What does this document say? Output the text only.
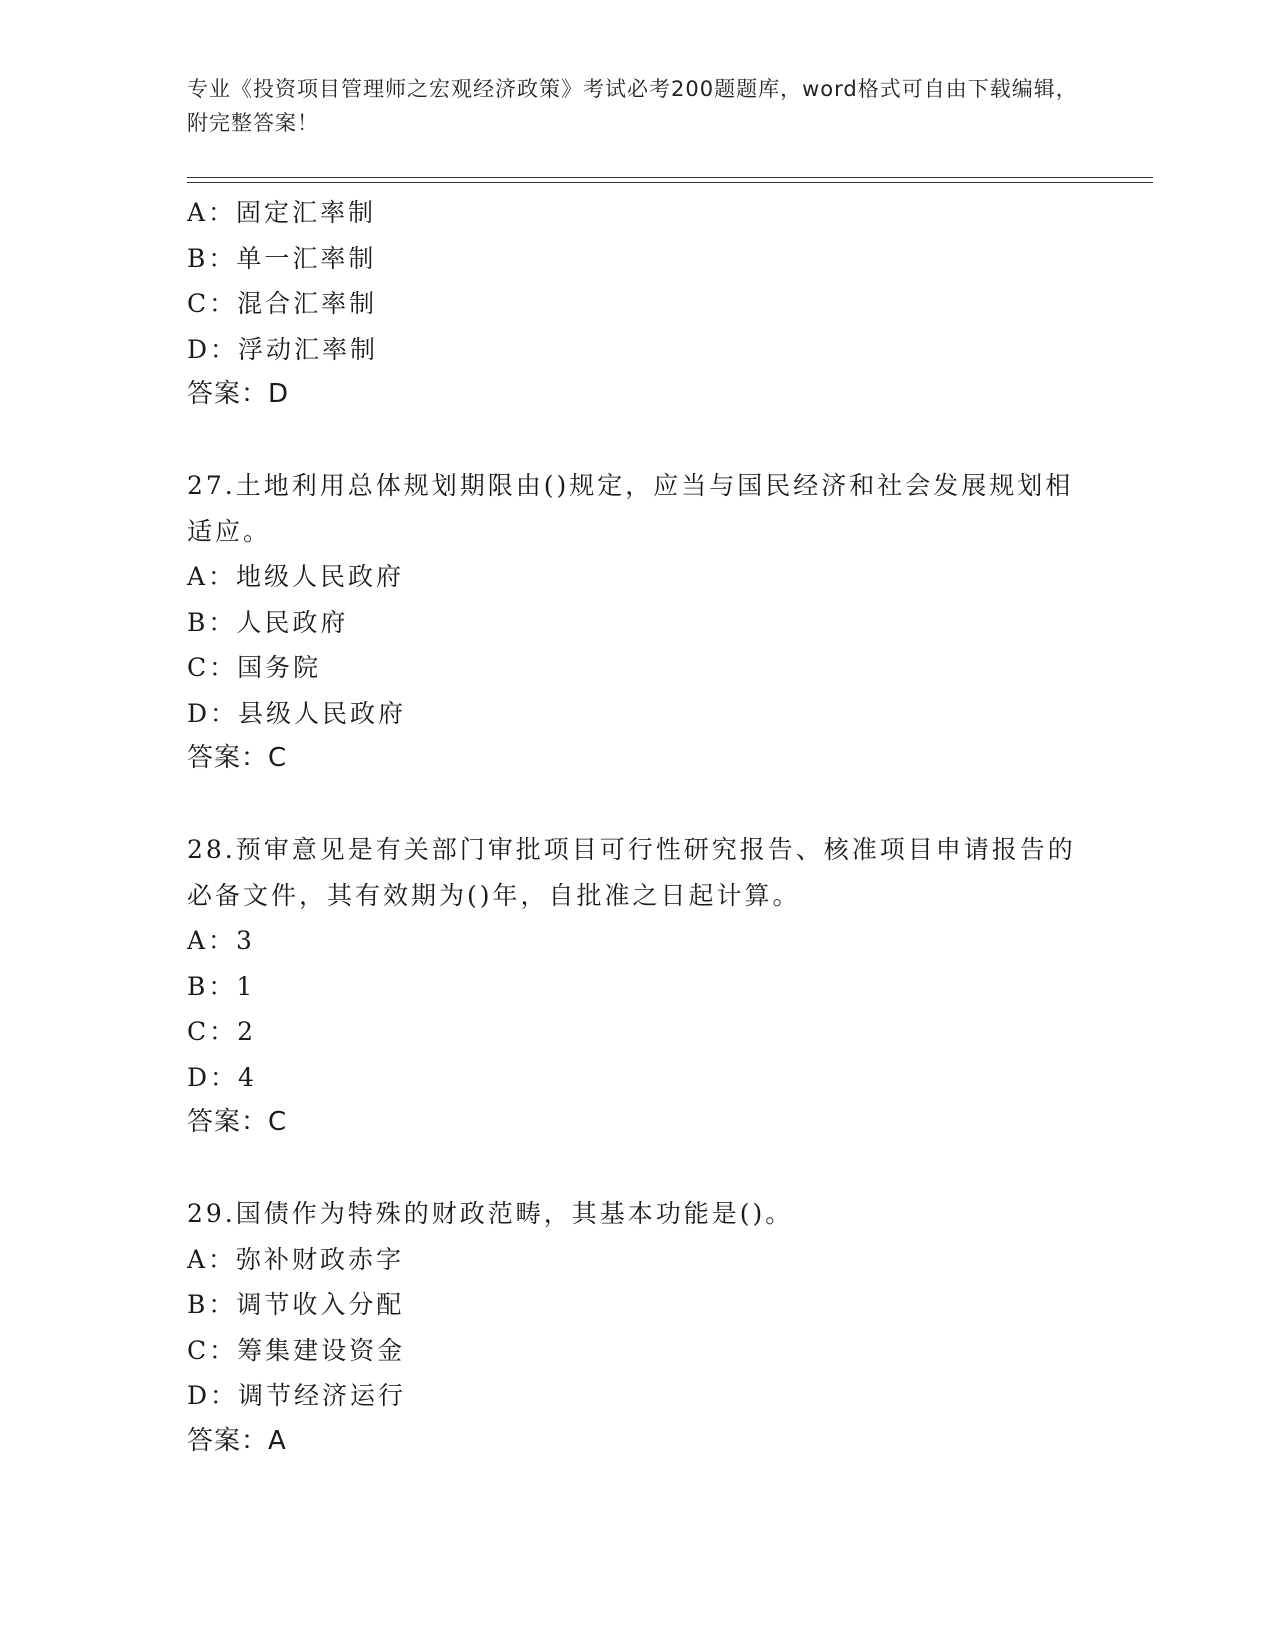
专业《投资项目管理师之宏观经济政策》考试必考200题题库，word格式可自由下载编辑，附完整答案！
A：固定汇率制
B：单一汇率制
C：混合汇率制
D：浮动汇率制
答案：D
27.土地利用总体规划期限由()规定，应当与国民经济和社会发展规划相适应。
A：地级人民政府
B：人民政府
C：国务院
D：县级人民政府
答案：C
28.预审意见是有关部门审批项目可行性研究报告、核准项目申请报告的必备文件，其有效期为()年，自批准之日起计算。
A：3
B：1
C：2
D：4
答案：C
29.国债作为特殊的财政范畴，其基本功能是()。
A：弥补财政赤字
B：调节收入分配
C：筹集建设资金
D：调节经济运行
答案：A
